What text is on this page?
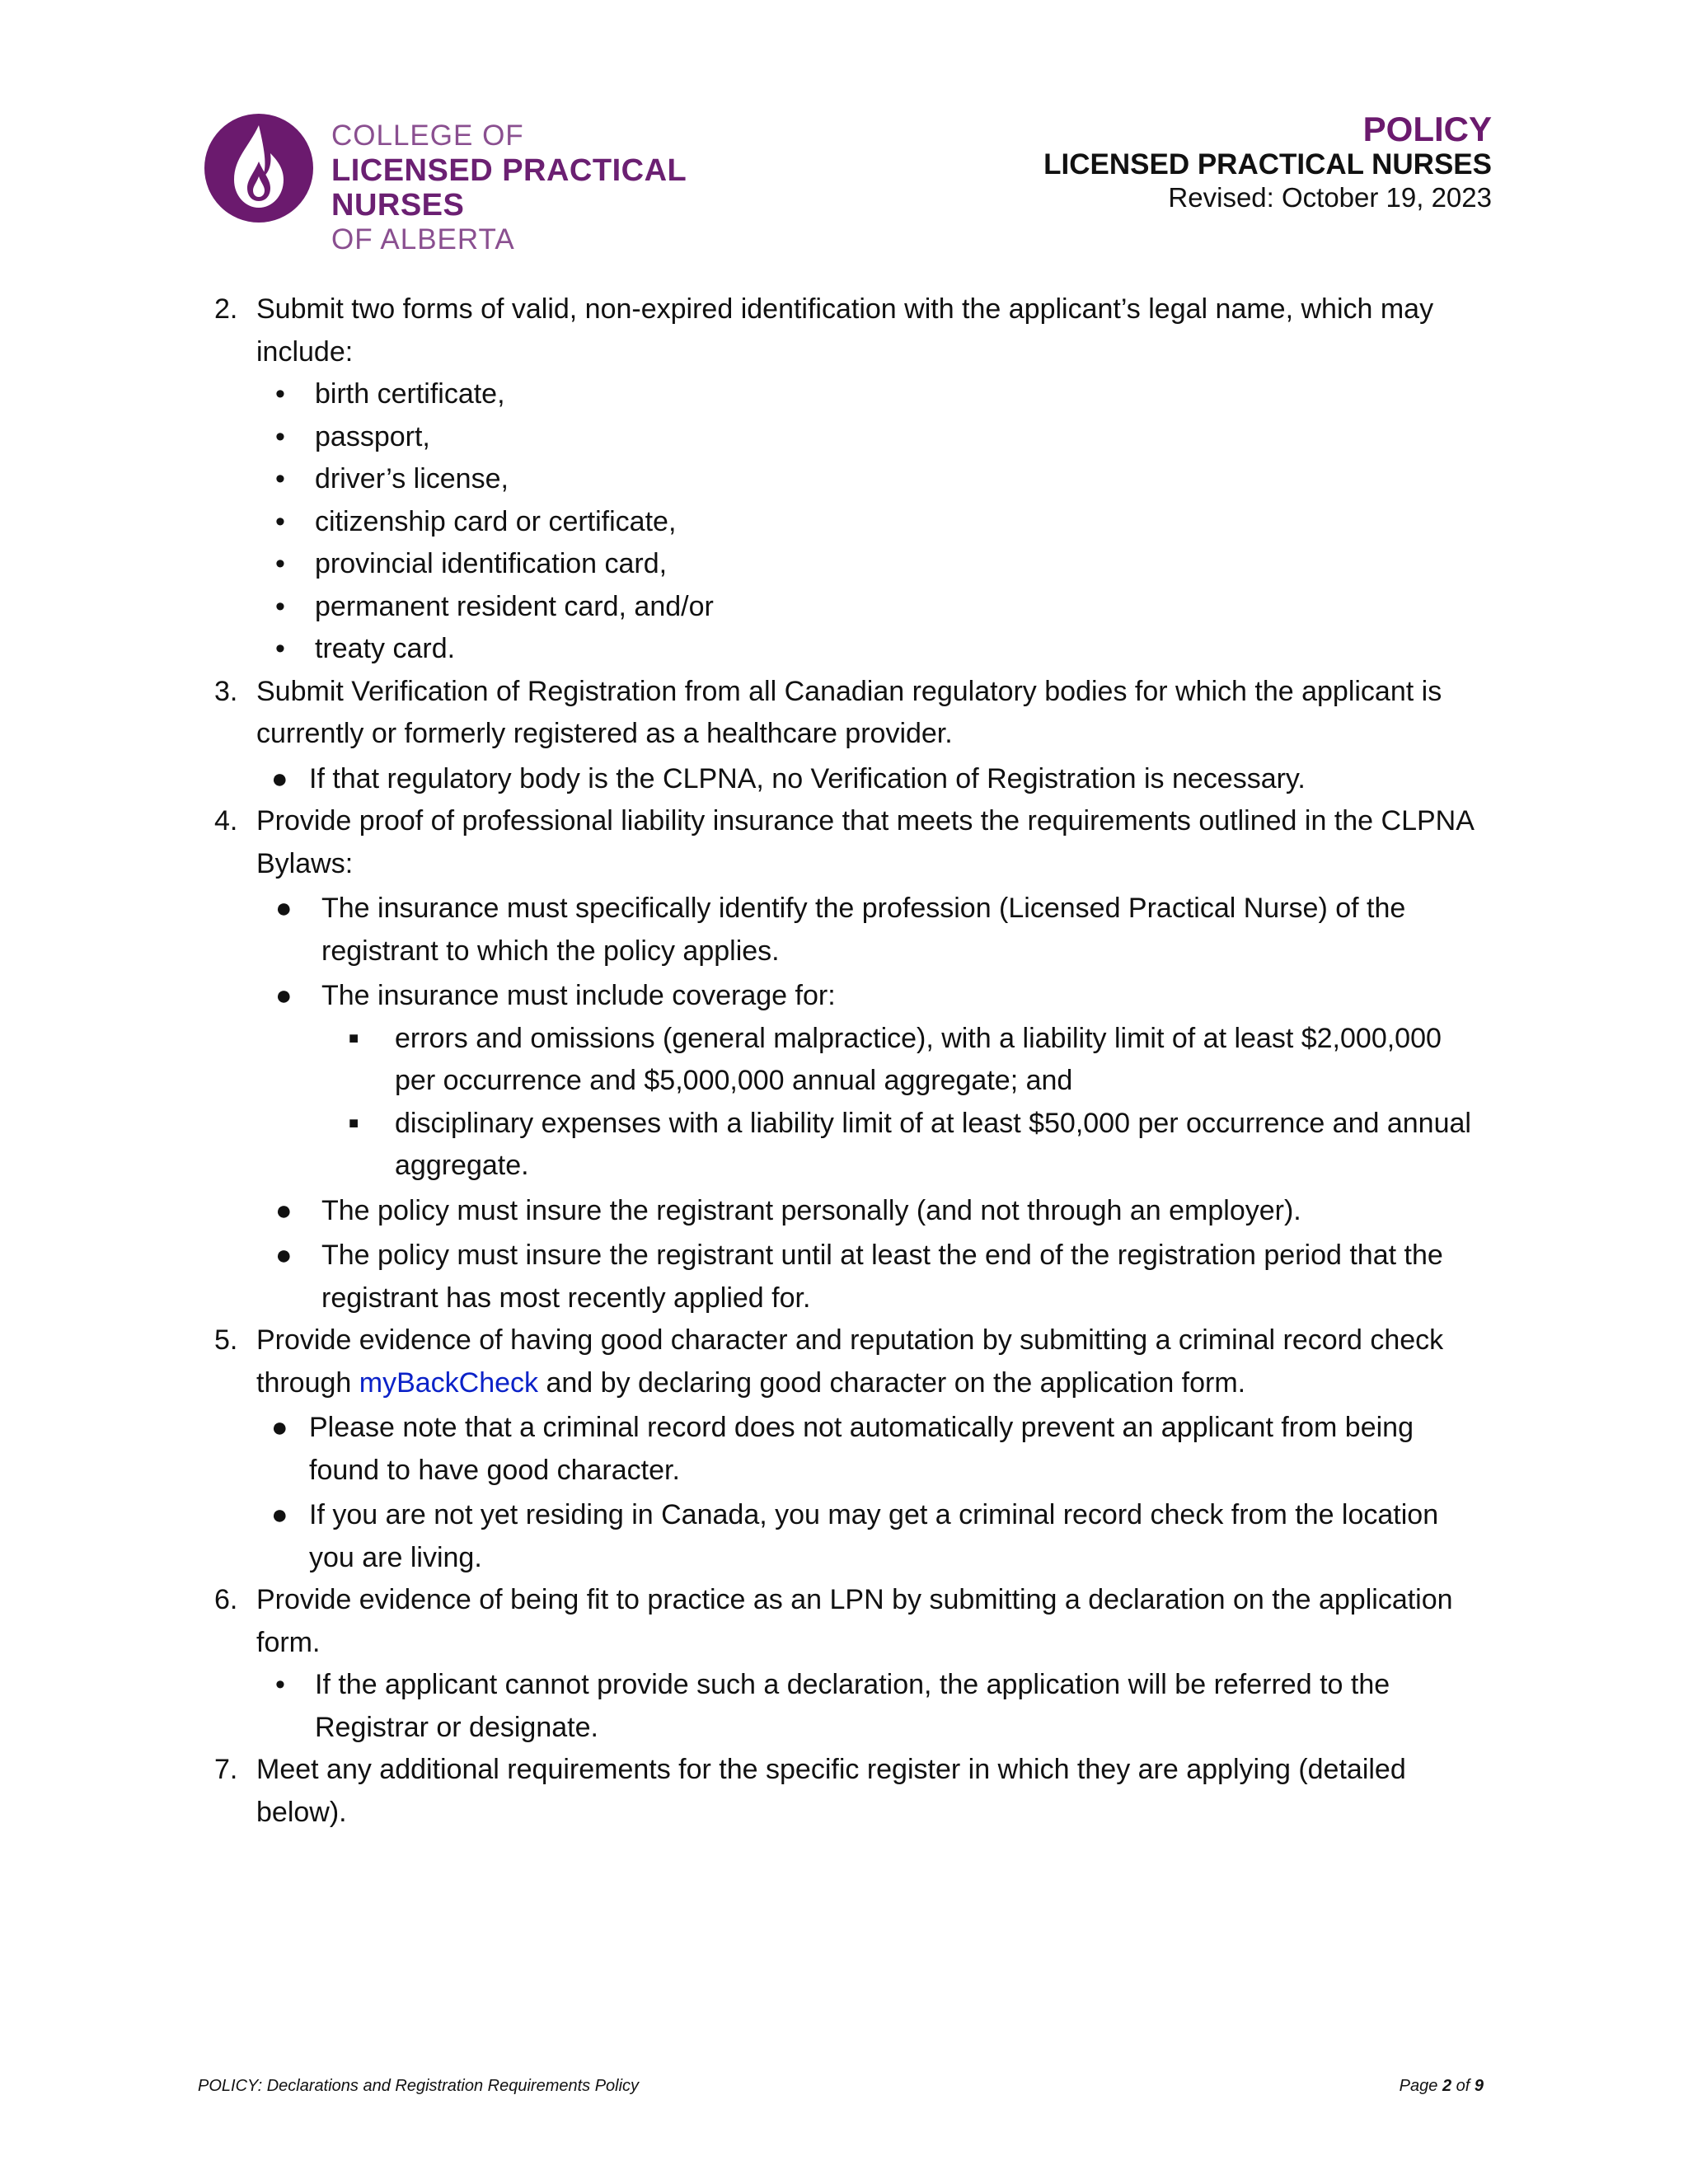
COLLEGE OF
LICENSED PRACTICAL NURSES
OF ALBERTA
POLICY
LICENSED PRACTICAL NURSES
Revised: October 19, 2023
2. Submit two forms of valid, non-expired identification with the applicant’s legal name, which may include:
• birth certificate,
• passport,
• driver’s license,
• citizenship card or certificate,
• provincial identification card,
• permanent resident card, and/or
• treaty card.
3. Submit Verification of Registration from all Canadian regulatory bodies for which the applicant is currently or formerly registered as a healthcare provider.
● If that regulatory body is the CLPNA, no Verification of Registration is necessary.
4. Provide proof of professional liability insurance that meets the requirements outlined in the CLPNA Bylaws:
● The insurance must specifically identify the profession (Licensed Practical Nurse) of the registrant to which the policy applies.
● The insurance must include coverage for:
■ errors and omissions (general malpractice), with a liability limit of at least $2,000,000 per occurrence and $5,000,000 annual aggregate; and
■ disciplinary expenses with a liability limit of at least $50,000 per occurrence and annual aggregate.
● The policy must insure the registrant personally (and not through an employer).
● The policy must insure the registrant until at least the end of the registration period that the registrant has most recently applied for.
5. Provide evidence of having good character and reputation by submitting a criminal record check through myBackCheck and by declaring good character on the application form.
● Please note that a criminal record does not automatically prevent an applicant from being found to have good character.
● If you are not yet residing in Canada, you may get a criminal record check from the location you are living.
6. Provide evidence of being fit to practice as an LPN by submitting a declaration on the application form.
• If the applicant cannot provide such a declaration, the application will be referred to the Registrar or designate.
7. Meet any additional requirements for the specific register in which they are applying (detailed below).
POLICY: Declarations and Registration Requirements Policy	Page 2 of 9
